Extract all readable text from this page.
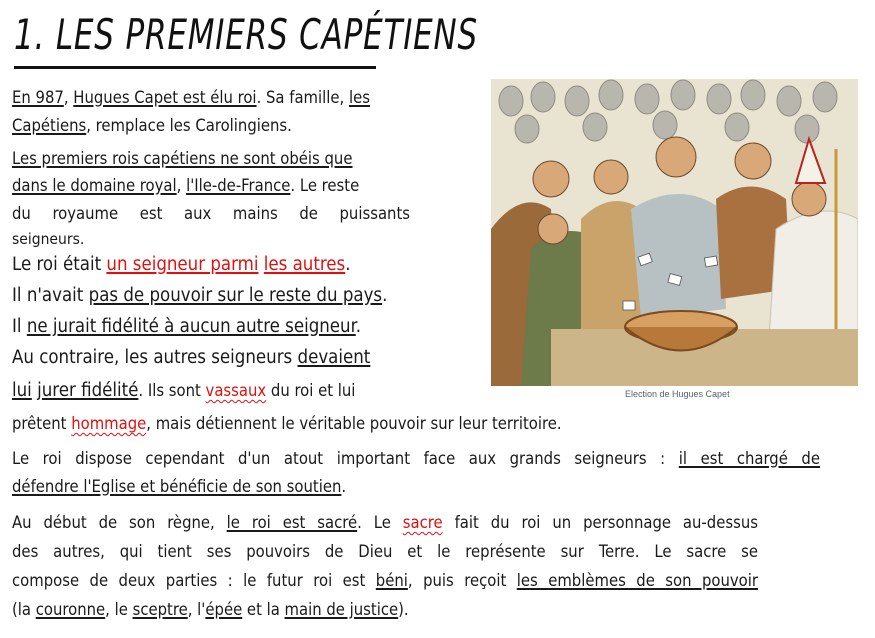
1. LES PREMIERS CAPÉTIENS
Election de Hugues Capet
En 987, Hugues Capet est élu roi. Sa famille, les
Capétiens, remplace les Carolingiens.
Les premiers rois capétiens ne sont obéis que
dans le domaine royal, l'Ile-de-France. Le reste
du royaume est aux mains de puissants
seigneurs.
Le roi était un seigneur parmi les autres.
Il n'avait pas de pouvoir sur le reste du pays.
Il ne jurait fidélité à aucun autre seigneur.
Au contraire, les autres seigneurs devaient
lui jurer fidélité. Ils sont vassaux du roi et lui
prêtent hommage, mais détiennent le véritable pouvoir sur leur territoire.
Le roi dispose cependant d'un atout important face aux grands seigneurs : il est chargé de
défendre l'Eglise et bénéficie de son soutien.
Au début de son règne, le roi est sacré. Le sacre fait du roi un personnage au-dessus
des autres, qui tient ses pouvoirs de Dieu et le représente sur Terre. Le sacre se
compose de deux parties : le futur roi est béni, puis reçoit les emblèmes de son pouvoir
(la couronne, le sceptre, l'épée et la main de justice).
